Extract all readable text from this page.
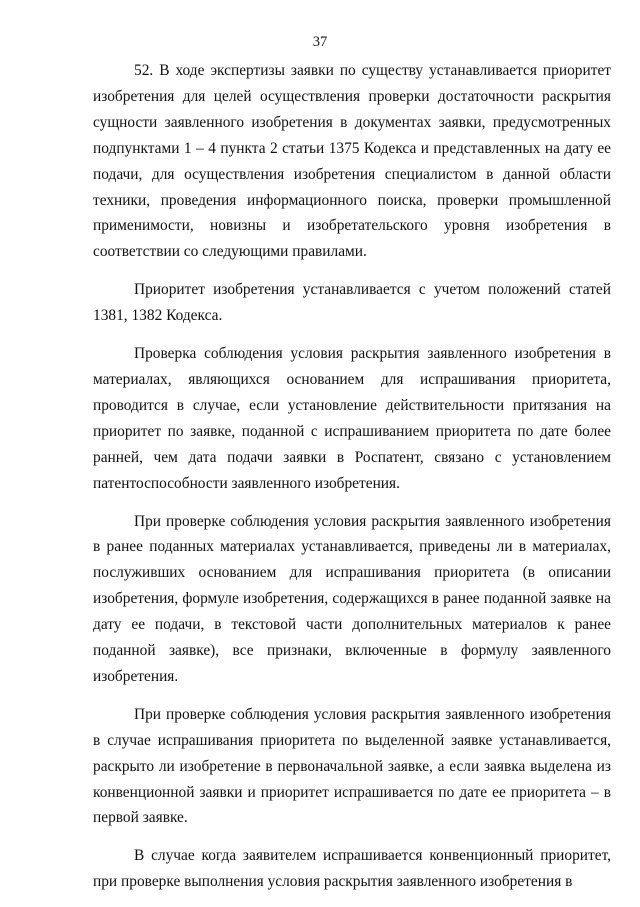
37

52. В ходе экспертизы заявки по существу устанавливается приоритет изобретения для целей осуществления проверки достаточности раскрытия сущности заявленного изобретения в документах заявки, предусмотренных подпунктами 1 – 4 пункта 2 статьи 1375 Кодекса и представленных на дату ее подачи, для осуществления изобретения специалистом в данной области техники, проведения информационного поиска, проверки промышленной применимости, новизны и изобретательского уровня изобретения в соответствии со следующими правилами.

Приоритет изобретения устанавливается с учетом положений статей 1381, 1382 Кодекса.

Проверка соблюдения условия раскрытия заявленного изобретения в материалах, являющихся основанием для испрашивания приоритета, проводится в случае, если установление действительности притязания на приоритет по заявке, поданной с испрашиванием приоритета по дате более ранней, чем дата подачи заявки в Роспатент, связано с установлением патентоспособности заявленного изобретения.

При проверке соблюдения условия раскрытия заявленного изобретения в ранее поданных материалах устанавливается, приведены ли в материалах, послуживших основанием для испрашивания приоритета (в описании изобретения, формуле изобретения, содержащихся в ранее поданной заявке на дату ее подачи, в текстовой части дополнительных материалов к ранее поданной заявке), все признаки, включенные в формулу заявленного изобретения.

При проверке соблюдения условия раскрытия заявленного изобретения в случае испрашивания приоритета по выделенной заявке устанавливается, раскрыто ли изобретение в первоначальной заявке, а если заявка выделена из конвенционной заявки и приоритет испрашивается по дате ее приоритета – в первой заявке.

В случае когда заявителем испрашивается конвенционный приоритет, при проверке выполнения условия раскрытия заявленного изобретения в
